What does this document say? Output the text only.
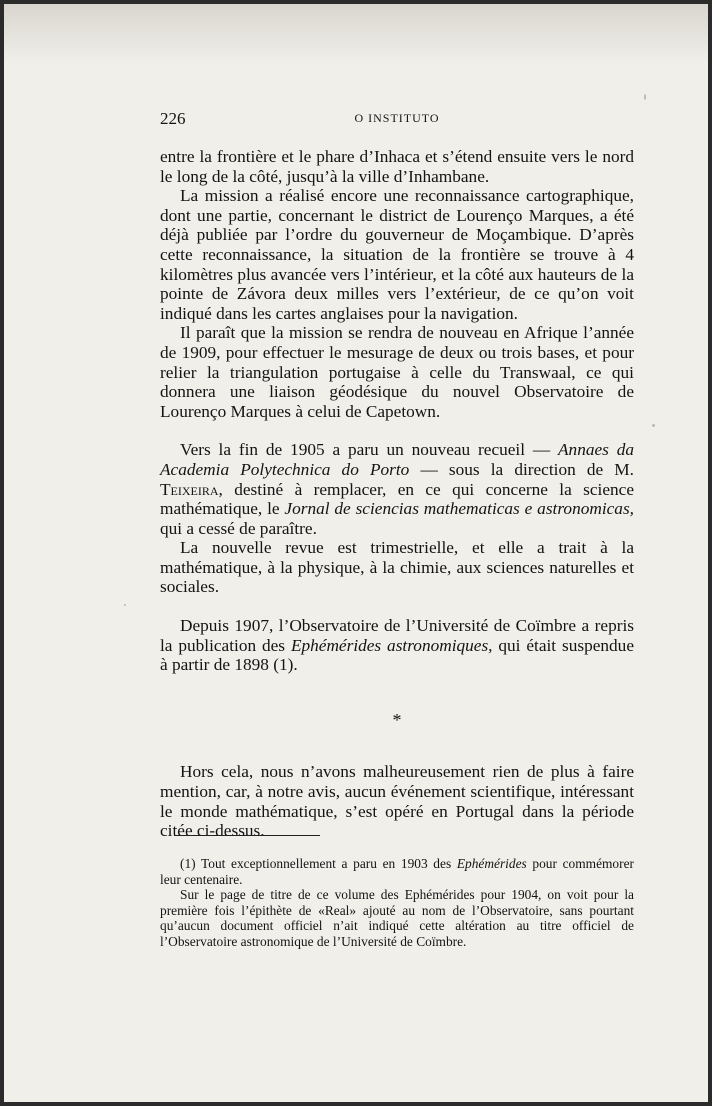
226	O INSTITUTO

entre la frontière et le phare d’Inhaca et s’étend ensuite vers le nord le long de la côté, jusqu’à la ville d’Inhambane.

La mission a réalisé encore une reconnaissance cartographique, dont une partie, concernant le district de Lourenço Marques, a été déjà publiée par l’ordre du gouverneur de Moçambique. D’après cette reconnaissance, la situation de la frontière se trouve à 4 kilomètres plus avancée vers l’intérieur, et la côté aux hauteurs de la pointe de Závora deux milles vers l’extérieur, de ce qu’on voit indiqué dans les cartes anglaises pour la navigation.

Il paraît que la mission se rendra de nouveau en Afrique l’année de 1909, pour effectuer le mesurage de deux ou trois bases, et pour relier la triangulation portugaise à celle du Transwaal, ce qui donnera une liaison géodésique du nouvel Observatoire de Lourenço Marques à celui de Capetown.

Vers la fin de 1905 a paru un nouveau recueil — Annaes da Academia Polytechnica do Porto — sous la direction de M. Teixeira, destiné à remplacer, en ce qui concerne la science mathématique, le Jornal de sciencias mathematicas e astronomicas, qui a cessé de paraître.

La nouvelle revue est trimestrielle, et elle a trait à la mathématique, à la physique, à la chimie, aux sciences naturelles et sociales.

Depuis 1907, l’Observatoire de l’Université de Coïmbre a repris la publication des Ephémérides astronomiques, qui était suspendue à partir de 1898 (1).

*

Hors cela, nous n’avons malheureusement rien de plus à faire mention, car, à notre avis, aucun événement scientifique, intéressant le monde mathématique, s’est opéré en Portugal dans la période citée ci-dessus.

(1) Tout exceptionnellement a paru en 1903 des Ephémérides pour commémorer leur centenaire.

Sur le page de titre de ce volume des Ephémérides pour 1904, on voit pour la première fois l’épithète de «Real» ajouté au nom de l’Observatoire, sans pourtant qu’aucun document officiel n’ait indiqué cette altération au titre officiel de l’Observatoire astronomique de l’Université de Coïmbre.
